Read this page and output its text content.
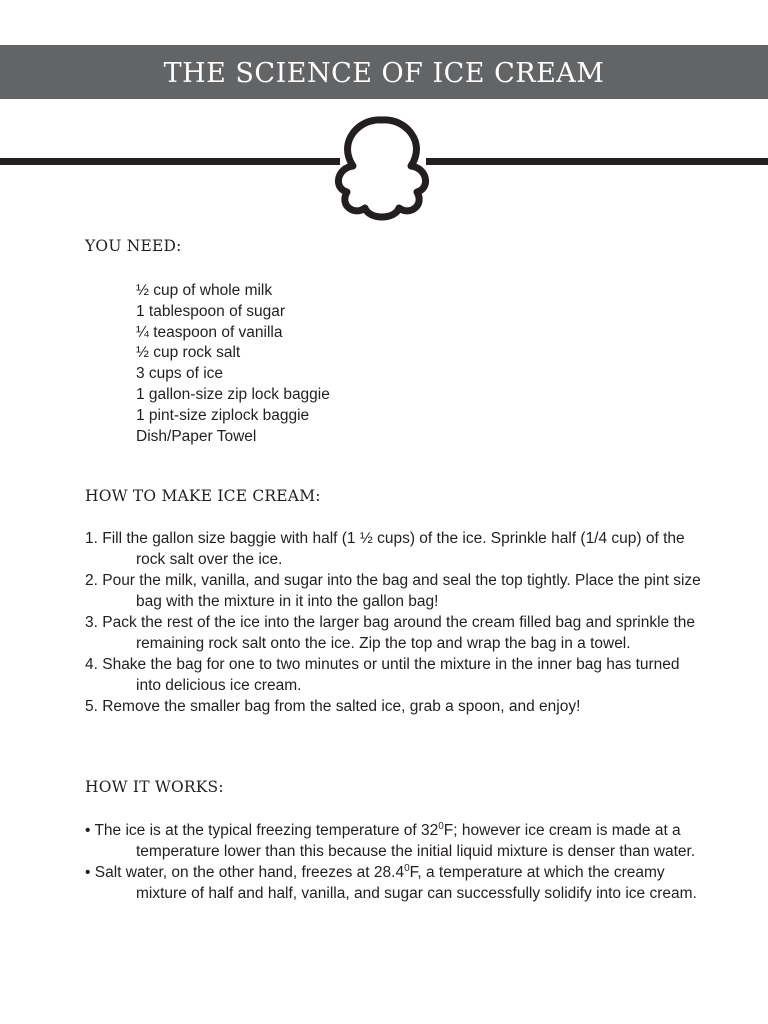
THE SCIENCE OF ICE CREAM
YOU NEED:
½ cup of whole milk
1 tablespoon of sugar
¼ teaspoon of vanilla
½ cup rock salt
3 cups of ice
1 gallon-size zip lock baggie
1 pint-size ziplock baggie
Dish/Paper Towel
HOW TO MAKE ICE CREAM:
1. Fill the gallon size baggie with half (1 ½ cups) of the ice. Sprinkle half (1/4 cup) of the rock salt over the ice.
2. Pour the milk, vanilla, and sugar into the bag and seal the top tightly. Place the pint size bag with the mixture in it into the gallon bag!
3. Pack the rest of the ice into the larger bag around the cream filled bag and sprinkle the remaining rock salt onto the ice. Zip the top and wrap the bag in a towel.
4. Shake the bag for one to two minutes or until the mixture in the inner bag has turned into delicious ice cream.
5. Remove the smaller bag from the salted ice, grab a spoon, and enjoy!
HOW IT WORKS:
• The ice is at the typical freezing temperature of $32^0F$; however ice cream is made at a temperature lower than this because the initial liquid mixture is denser than water.
• Salt water, on the other hand, freezes at 28.4$^0$F, a temperature at which the creamy mixture of half and half, vanilla, and sugar can successfully solidify into ice cream.
